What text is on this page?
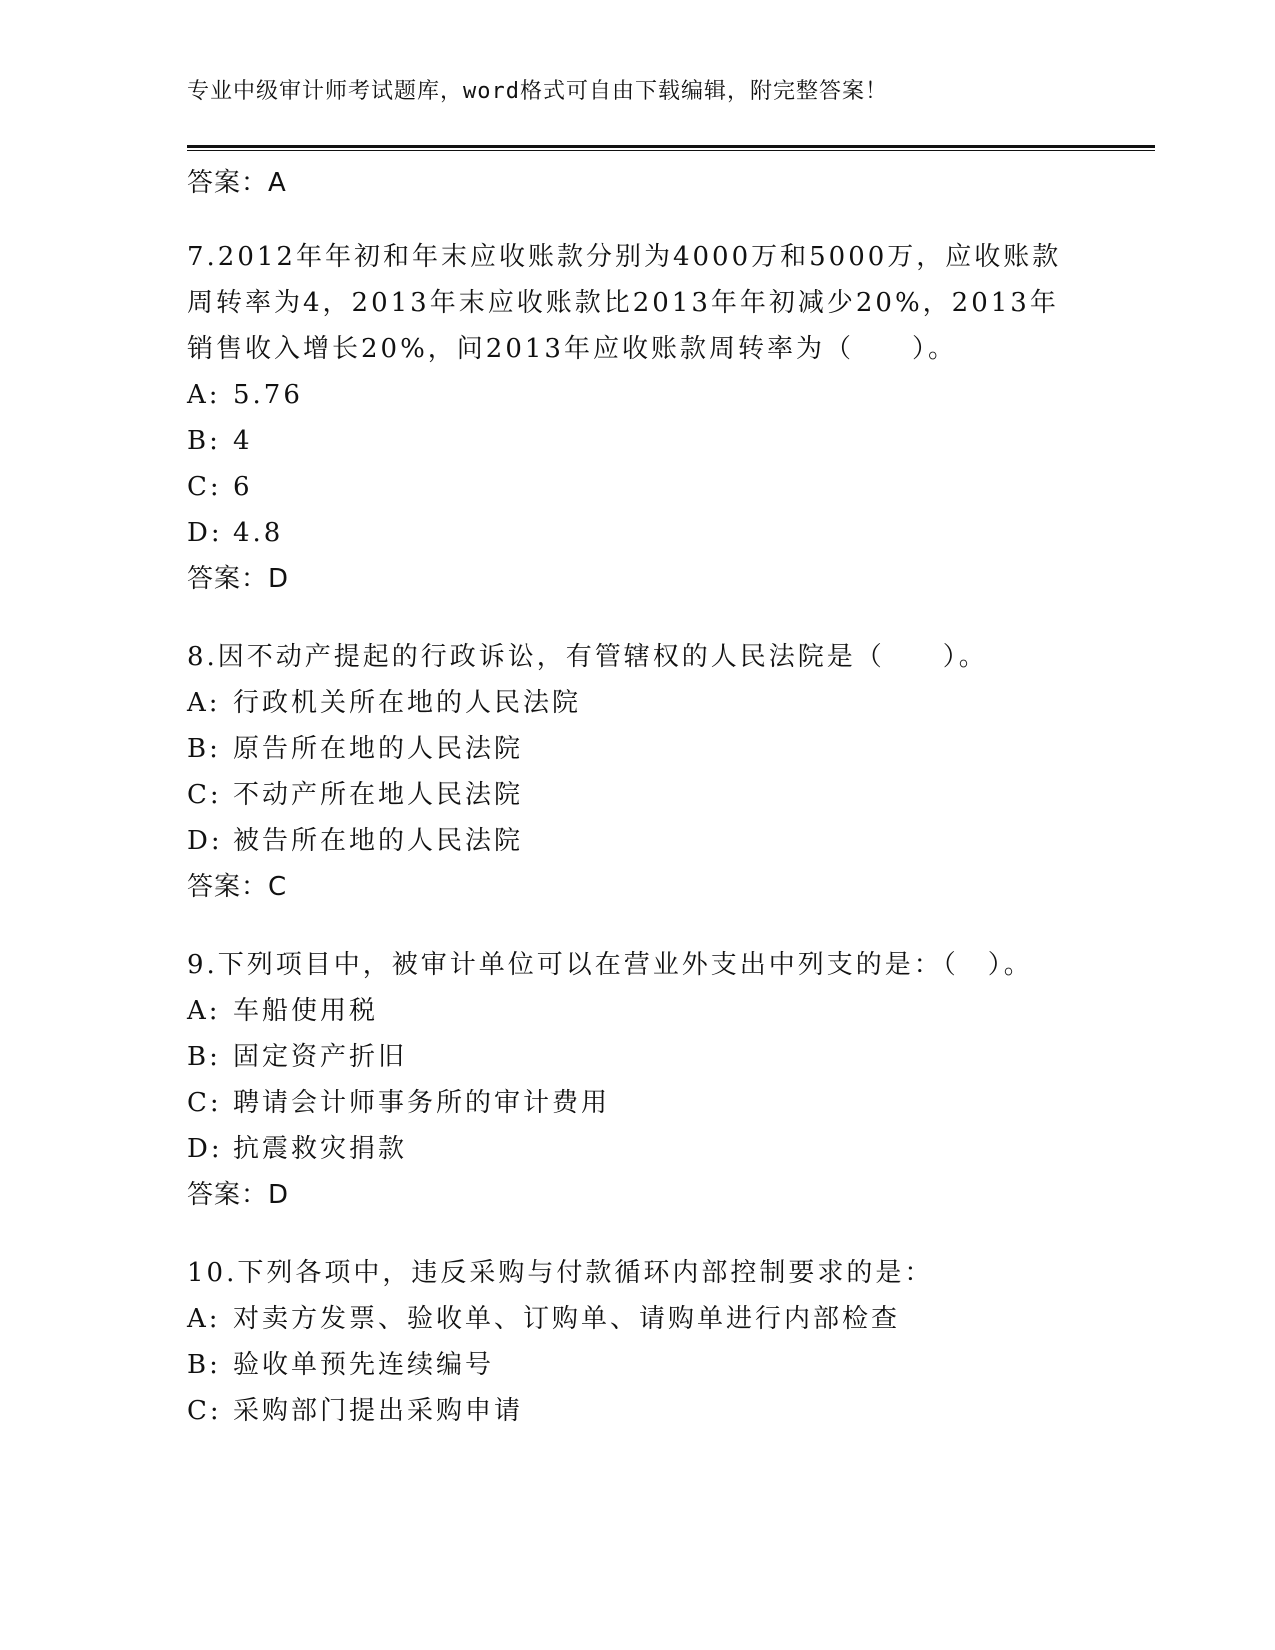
专业中级审计师考试题库，word格式可自由下载编辑，附完整答案！
答案：A

7.2012年年初和年末应收账款分别为4000万和5000万，应收账款周转率为4，2013年末应收账款比2013年年初减少20%，2013年销售收入增长20%，问2013年应收账款周转率为（　　）。

A: 5.76
B: 4
C: 6
D: 4.8
答案：D

8.因不动产提起的行政诉讼，有管辖权的人民法院是（　　）。

A: 行政机关所在地的人民法院
B: 原告所在地的人民法院
C: 不动产所在地人民法院
D: 被告所在地的人民法院
答案：C

9.下列项目中，被审计单位可以在营业外支出中列支的是：（　）。

A: 车船使用税
B: 固定资产折旧
C: 聘请会计师事务所的审计费用
D: 抗震救灾捐款
答案：D

10.下列各项中，违反采购与付款循环内部控制要求的是：

A: 对卖方发票、验收单、订购单、请购单进行内部检查
B: 验收单预先连续编号
C: 采购部门提出采购申请
